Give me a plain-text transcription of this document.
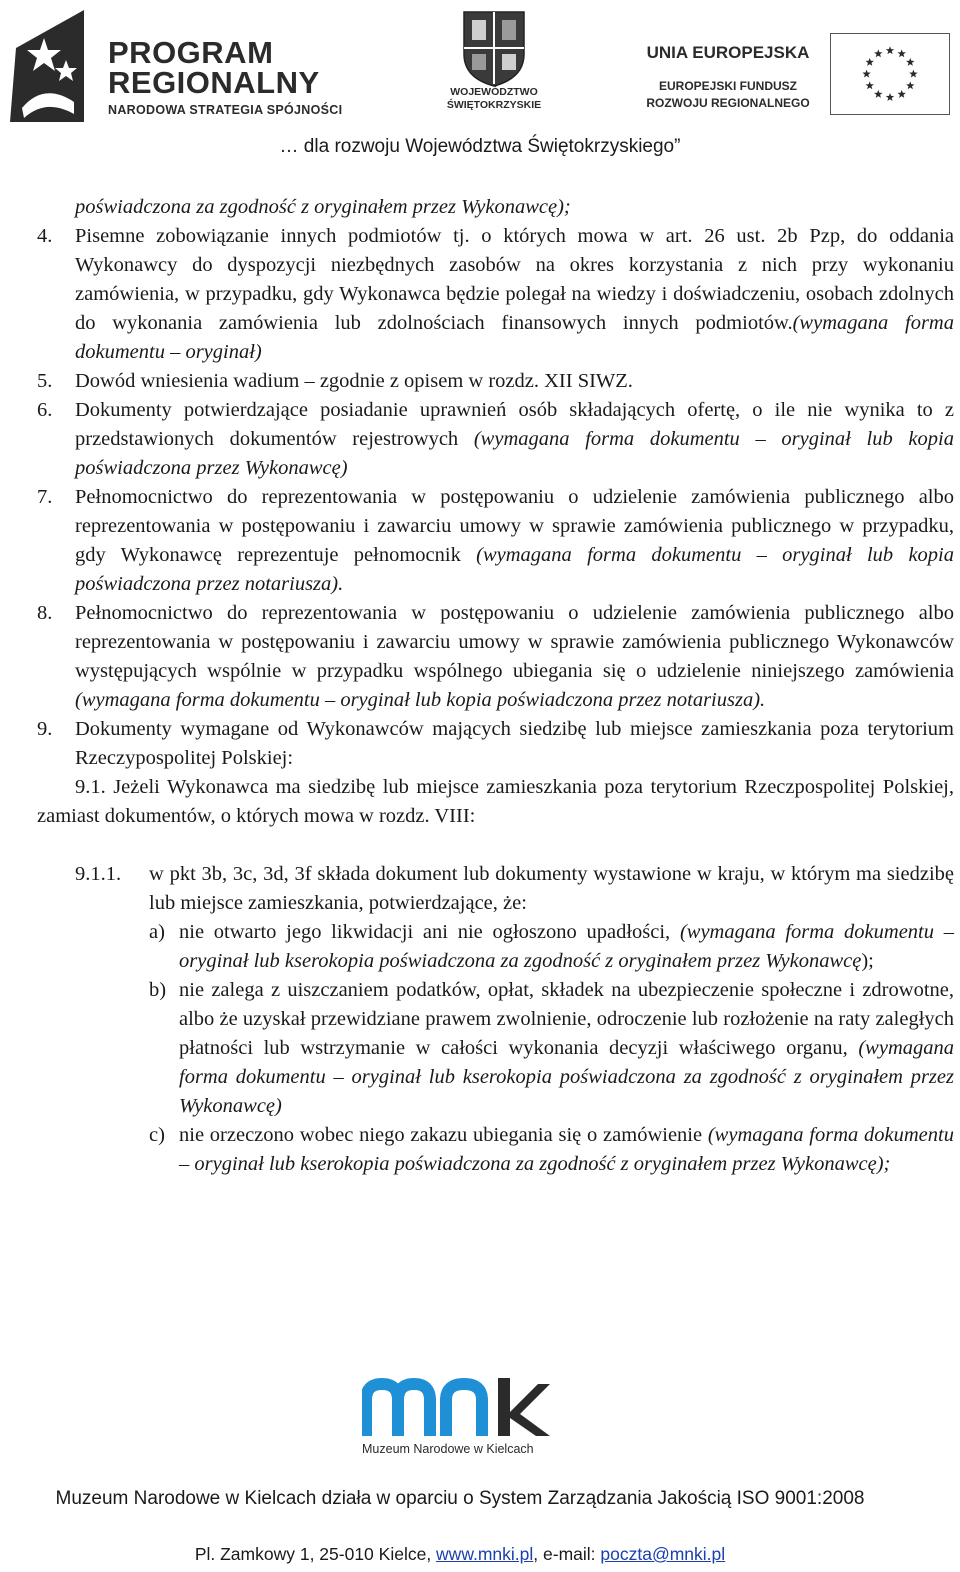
PROGRAM
REGIONALNY
NARODOWA STRATEGIA SPÓJNOŚCI
WOJEWÓDZTWO
ŚWIĘTOKRZYSKIE
UNIA EUROPEJSKA
EUROPEJSKI FUNDUSZ
ROZWOJU REGIONALNEGO
… dla rozwoju Województwa Świętokrzyskiego”
poświadczona za zgodność z oryginałem przez Wykonawcę);
4. Pisemne zobowiązanie innych podmiotów tj. o których mowa w art. 26 ust. 2b Pzp, do oddania Wykonawcy do dyspozycji niezbędnych zasobów na okres korzystania z nich przy wykonaniu zamówienia, w przypadku, gdy Wykonawca będzie polegał na wiedzy i doświadczeniu, osobach zdolnych do wykonania zamówienia lub zdolnościach finansowych innych podmiotów.(wymagana forma dokumentu – oryginał)
5. Dowód wniesienia wadium – zgodnie z opisem w rozdz. XII SIWZ.
6. Dokumenty potwierdzające posiadanie uprawnień osób składających ofertę, o ile nie wynika to z przedstawionych dokumentów rejestrowych (wymagana forma dokumentu – oryginał lub kopia poświadczona przez Wykonawcę)
7. Pełnomocnictwo do reprezentowania w postępowaniu o udzielenie zamówienia publicznego albo reprezentowania w postępowaniu i zawarciu umowy w sprawie zamówienia publicznego w przypadku, gdy Wykonawcę reprezentuje pełnomocnik (wymagana forma dokumentu – oryginał lub kopia poświadczona przez notariusza).
8. Pełnomocnictwo do reprezentowania w postępowaniu o udzielenie zamówienia publicznego albo reprezentowania w postępowaniu i zawarciu umowy w sprawie zamówienia publicznego Wykonawców występujących wspólnie w przypadku wspólnego ubiegania się o udzielenie niniejszego zamówienia (wymagana forma dokumentu – oryginał lub kopia poświadczona przez notariusza).
9. Dokumenty wymagane od Wykonawców mających siedzibę lub miejsce zamieszkania poza terytorium Rzeczypospolitej Polskiej:
9.1. Jeżeli Wykonawca ma siedzibę lub miejsce zamieszkania poza terytorium Rzeczpospolitej Polskiej, zamiast dokumentów, o których mowa w rozdz. VIII:
9.1.1. w pkt 3b, 3c, 3d, 3f składa dokument lub dokumenty wystawione w kraju, w którym ma siedzibę lub miejsce zamieszkania, potwierdzające, że:
a) nie otwarto jego likwidacji ani nie ogłoszono upadłości, (wymagana forma dokumentu – oryginał lub kserokopia poświadczona za zgodność z oryginałem przez Wykonawcę);
b) nie zalega z uiszczaniem podatków, opłat, składek na ubezpieczenie społeczne i zdrowotne, albo że uzyskał przewidziane prawem zwolnienie, odroczenie lub rozłożenie na raty zaległych płatności lub wstrzymanie w całości wykonania decyzji właściwego organu, (wymagana forma dokumentu – oryginał lub kserokopia poświadczona za zgodność z oryginałem przez Wykonawcę)
c) nie orzeczono wobec niego zakazu ubiegania się o zamówienie (wymagana forma dokumentu – oryginał lub kserokopia poświadczona za zgodność z oryginałem przez Wykonawcę);
Muzeum Narodowe w Kielcach
Muzeum Narodowe w Kielcach działa w oparciu o System Zarządzania Jakością ISO 9001:2008
Pl. Zamkowy 1, 25-010 Kielce, www.mnki.pl, e-mail: poczta@mnki.pl
